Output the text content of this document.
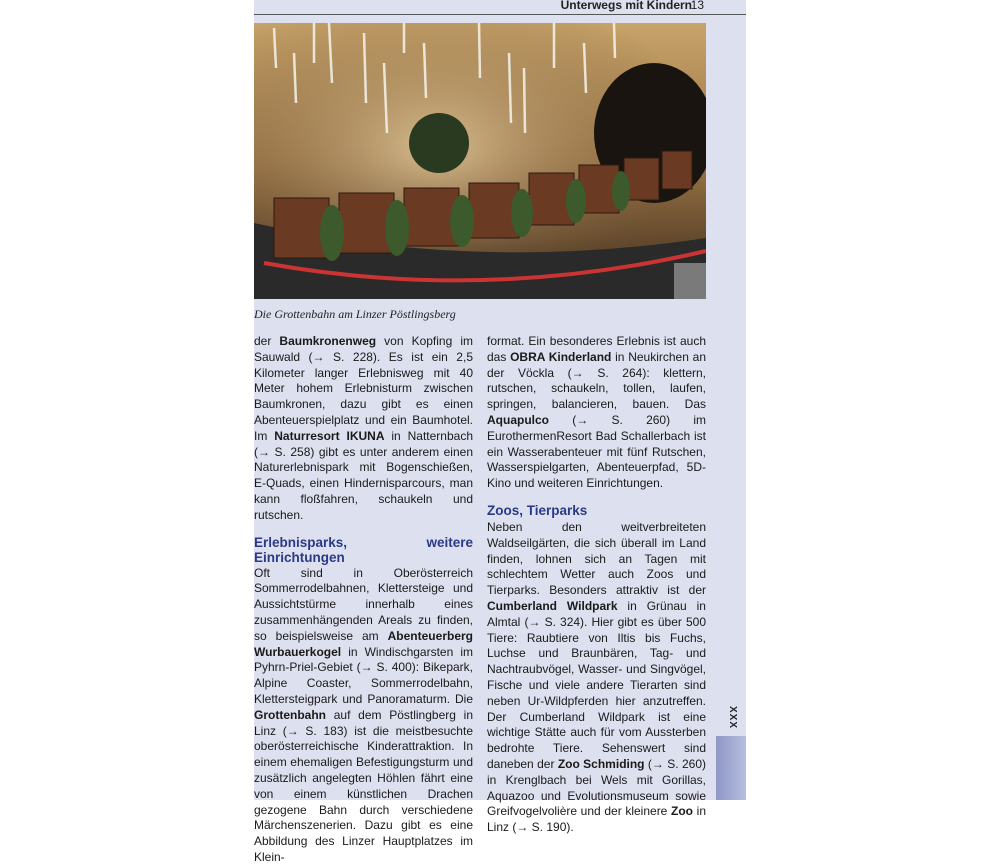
Unterwegs mit Kindern
13
Die Grottenbahn am Linzer Pöstlingsberg

der Baumkronenweg von Kopfing im Sauwald (→ S. 228). Es ist ein 2,5 Kilometer langer Erlebnisweg mit 40 Meter hohem Erlebnisturm zwischen Baumkronen, dazu gibt es einen Abenteuerspielplatz und ein Baumhotel. Im Naturresort IKUNA in Natternbach (→ S. 258) gibt es unter anderem einen Naturerlebnispark mit Bogenschießen, E-Quads, einen Hindernisparcours, man kann floßfahren, schaukeln und rutschen.

Erlebnisparks, weitere Einrichtungen

Oft sind in Oberösterreich Sommerrodelbahnen, Klettersteige und Aussichtstürme innerhalb eines zusammenhängenden Areals zu finden, so beispielsweise am Abenteuerberg Wurbauerkogel in Windischgarsten im Pyhrn-Priel-Gebiet (→ S. 400): Bikepark, Alpine Coaster, Sommerrodelbahn, Klettersteigpark und Panoramaturm. Die Grottenbahn auf dem Pöstlingberg in Linz (→ S. 183) ist die meistbesuchte oberösterreichische Kinderattraktion. In einem ehemaligen Befestigungsturm und zusätzlich angelegten Höhlen fährt eine von einem künstlichen Drachen gezogene Bahn durch verschiedene Märchenszenerien. Dazu gibt es eine Abbildung des Linzer Hauptplatzes im Klein-

format. Ein besonderes Erlebnis ist auch das OBRA Kinderland in Neukirchen an der Vöckla (→ S. 264): klettern, rutschen, schaukeln, tollen, laufen, springen, balancieren, bauen. Das Aquapulco (→ S. 260) im EurothermenResort Bad Schallerbach ist ein Wasserabenteuer mit fünf Rutschen, Wasserspielgarten, Abenteuerpfad, 5D-Kino und weiteren Einrichtungen.

Zoos, Tierparks

Neben den weitverbreiteten Waldseilgärten, die sich überall im Land finden, lohnen sich an Tagen mit schlechtem Wetter auch Zoos und Tierparks. Besonders attraktiv ist der Cumberland Wildpark in Grünau in Almtal (→ S. 324). Hier gibt es über 500 Tiere: Raubtiere von Iltis bis Fuchs, Luchse und Braunbären, Tag- und Nachtraubvögel, Wasser- und Singvögel, Fische und viele andere Tierarten sind neben Ur-Wildpferden hier anzutreffen. Der Cumberland Wildpark ist eine wichtige Stätte auch für vom Aussterben bedrohte Tiere. Sehenswert sind daneben der Zoo Schmiding (→ S. 260) in Krenglbach bei Wels mit Gorillas, Aquazoo und Evolutionsmuseum sowie Greifvogelvolière und der kleinere Zoo in Linz (→ S. 190).

XXX
